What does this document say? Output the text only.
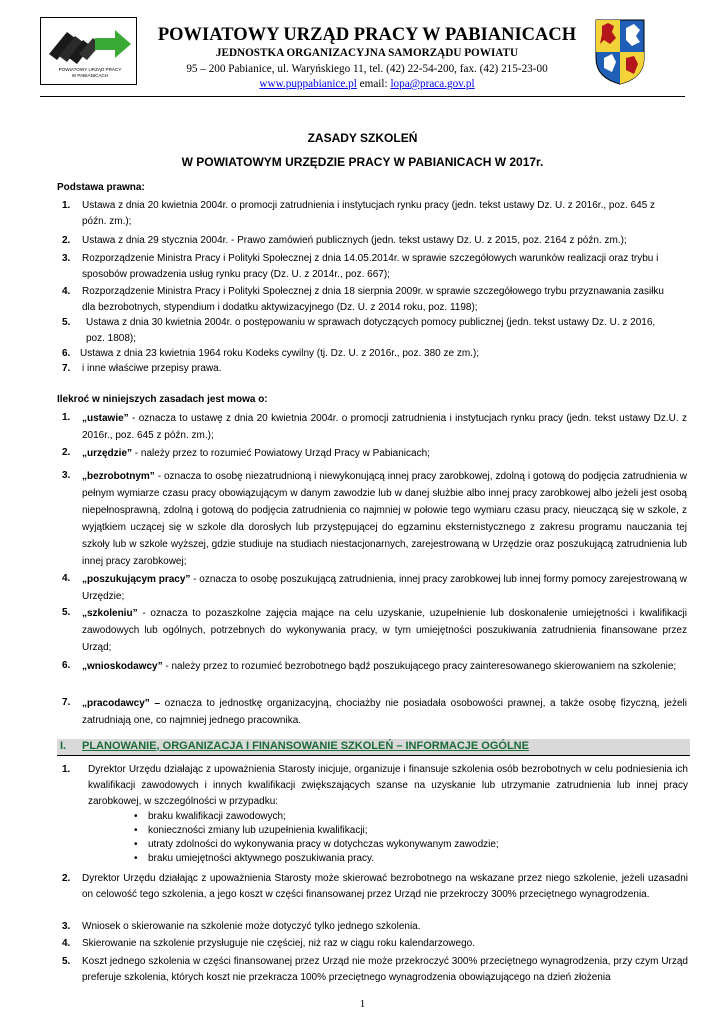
POWIATOWY URZĄD PRACY
W PABIANICACH
POWIATOWY URZĄD PRACY W PABIANICACH
JEDNOSTKA ORGANIZACYJNA SAMORZĄDU POWIATU
95 – 200 Pabianice, ul. Waryńskiego 11, tel. (42) 22-54-200, fax. (42) 215-23-00
www.puppabianice.pl email: lopa@praca.gov.pl
ZASADY SZKOLEŃ
W POWIATOWYM URZĘDZIE PRACY W PABIANICACH W 2017r.
Podstawa prawna:
1. Ustawa z dnia 20 kwietnia 2004r. o promocji zatrudnienia i instytucjach rynku pracy (jedn. tekst ustawy Dz. U. z 2016r., poz. 645 z późn. zm.);
2. Ustawa z dnia 29 stycznia 2004r. - Prawo zamówień publicznych (jedn. tekst ustawy Dz. U. z 2015, poz. 2164 z późn. zm.);
3. Rozporządzenie Ministra Pracy i Polityki Społecznej z dnia 14.05.2014r. w sprawie szczegółowych warunków realizacji oraz trybu i sposobów prowadzenia usług rynku pracy (Dz. U. z 2014r., poz. 667);
4. Rozporządzenie Ministra Pracy i Polityki Społecznej z dnia 18 sierpnia 2009r. w sprawie szczegółowego trybu przyznawania zasiłku dla bezrobotnych, stypendium i dodatku aktywizacyjnego (Dz. U. z 2014 roku, poz. 1198);
5. Ustawa z dnia 30 kwietnia 2004r. o postępowaniu w sprawach dotyczących pomocy publicznej (jedn. tekst ustawy Dz. U. z 2016, poz. 1808);
6. Ustawa z dnia 23 kwietnia 1964 roku Kodeks cywilny (tj. Dz. U. z 2016r., poz. 380 ze zm.);
7. i inne właściwe przepisy prawa.
Ilekroć w niniejszych zasadach jest mowa o:
1. „ustawie” - oznacza to ustawę z dnia 20 kwietnia 2004r. o promocji zatrudnienia i instytucjach rynku pracy (jedn. tekst ustawy Dz.U. z 2016r., poz. 645 z późn. zm.);
2. „urzędzie” - należy przez to rozumieć Powiatowy Urząd Pracy w Pabianicach;
3. „bezrobotnym” - oznacza to osobę niezatrudnioną i niewykonującą innej pracy zarobkowej, zdolną i gotową do podjęcia zatrudnienia w pełnym wymiarze czasu pracy obowiązującym w danym zawodzie lub w danej służbie albo innej pracy zarobkowej albo jeżeli jest osobą niepełnosprawną, zdolną i gotową do podjęcia zatrudnienia co najmniej w połowie tego wymiaru czasu pracy, nieuczącą się w szkole, z wyjątkiem uczącej się w szkole dla dorosłych lub przystępującej do egzaminu eksternistycznego z zakresu programu nauczania tej szkoły lub w szkole wyższej, gdzie studiuje na studiach niestacjonarnych, zarejestrowaną w Urzędzie oraz poszukującą zatrudnienia lub innej pracy zarobkowej;
4. „poszukującym pracy” - oznacza to osobę poszukującą zatrudnienia, innej pracy zarobkowej lub innej formy pomocy zarejestrowaną w Urzędzie;
5. „szkoleniu” - oznacza to pozaszkolne zajęcia mające na celu uzyskanie, uzupełnienie lub doskonalenie umiejętności i kwalifikacji zawodowych lub ogólnych, potrzebnych do wykonywania pracy, w tym umiejętności poszukiwania zatrudnienia finansowane przez Urząd;
6. „wnioskodawcy” - należy przez to rozumieć bezrobotnego bądź poszukującego pracy zainteresowanego skierowaniem na szkolenie;
7. „pracodawcy” – oznacza to jednostkę organizacyjną, chociażby nie posiadała osobowości prawnej, a także osobę fizyczną, jeżeli zatrudniają one, co najmniej jednego pracownika.
I. PLANOWANIE, ORGANIZACJA I FINANSOWANIE SZKOLEŃ – INFORMACJE OGÓLNE
1. Dyrektor Urzędu działając z upoważnienia Starosty inicjuje, organizuje i finansuje szkolenia osób bezrobotnych w celu podniesienia ich kwalifikacji zawodowych i innych kwalifikacji zwiększających szanse na uzyskanie lub utrzymanie zatrudnienia lub innej pracy zarobkowej, w szczególności w przypadku:
• braku kwalifikacji zawodowych;
• konieczności zmiany lub uzupełnienia kwalifikacji;
• utraty zdolności do wykonywania pracy w dotychczas wykonywanym zawodzie;
• braku umiejętności aktywnego poszukiwania pracy.
2. Dyrektor Urzędu działając z upoważnienia Starosty może skierować bezrobotnego na wskazane przez niego szkolenie, jeżeli uzasadni on celowość tego szkolenia, a jego koszt w części finansowanej przez Urząd nie przekroczy 300% przeciętnego wynagrodzenia.
3. Wniosek o skierowanie na szkolenie może dotyczyć tylko jednego szkolenia.
4. Skierowanie na szkolenie przysługuje nie częściej, niż raz w ciągu roku kalendarzowego.
5. Koszt jednego szkolenia w części finansowanej przez Urząd nie może przekroczyć 300% przeciętnego wynagrodzenia, przy czym Urząd preferuje szkolenia, których koszt nie przekracza 100% przeciętnego wynagrodzenia obowiązującego na dzień złożenia
1
